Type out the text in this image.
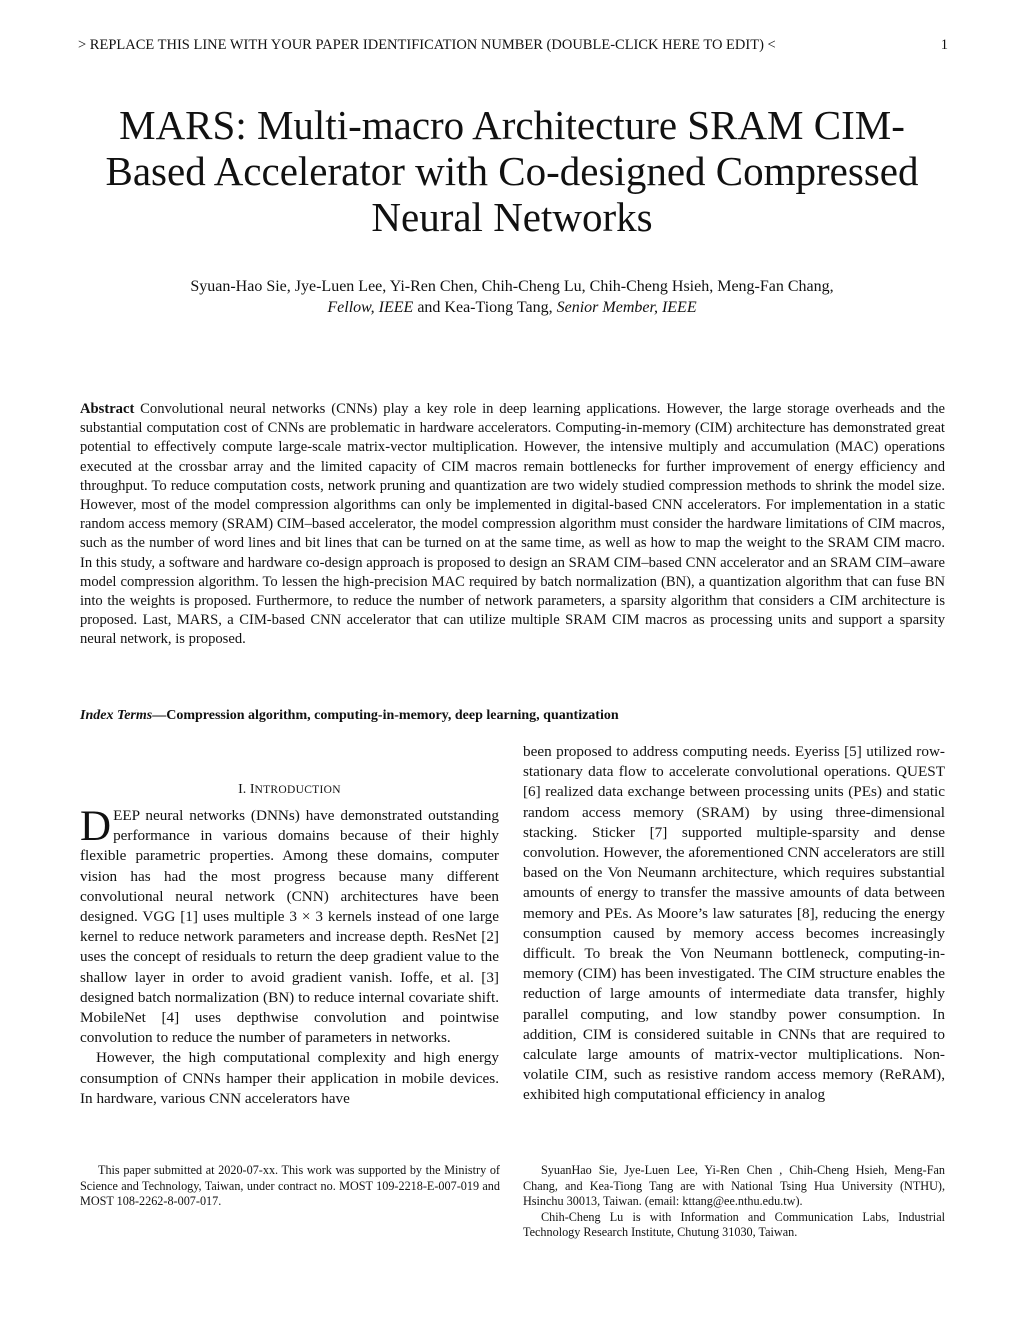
> REPLACE THIS LINE WITH YOUR PAPER IDENTIFICATION NUMBER (DOUBLE-CLICK HERE TO EDIT) <	1
MARS: Multi-macro Architecture SRAM CIM-Based Accelerator with Co-designed Compressed Neural Networks
Syuan-Hao Sie, Jye-Luen Lee, Yi-Ren Chen, Chih-Cheng Lu, Chih-Cheng Hsieh, Meng-Fan Chang,
Fellow, IEEE and Kea-Tiong Tang, Senior Member, IEEE
Abstract Convolutional neural networks (CNNs) play a key role in deep learning applications. However, the large storage overheads and the substantial computation cost of CNNs are problematic in hardware accelerators. Computing-in-memory (CIM) architecture has demonstrated great potential to effectively compute large-scale matrix-vector multiplication. However, the intensive multiply and accumulation (MAC) operations executed at the crossbar array and the limited capacity of CIM macros remain bottlenecks for further improvement of energy efficiency and throughput. To reduce computation costs, network pruning and quantization are two widely studied compression methods to shrink the model size. However, most of the model compression algorithms can only be implemented in digital-based CNN accelerators. For implementation in a static random access memory (SRAM) CIM–based accelerator, the model compression algorithm must consider the hardware limitations of CIM macros, such as the number of word lines and bit lines that can be turned on at the same time, as well as how to map the weight to the SRAM CIM macro. In this study, a software and hardware co-design approach is proposed to design an SRAM CIM–based CNN accelerator and an SRAM CIM–aware model compression algorithm. To lessen the high-precision MAC required by batch normalization (BN), a quantization algorithm that can fuse BN into the weights is proposed. Furthermore, to reduce the number of network parameters, a sparsity algorithm that considers a CIM architecture is proposed. Last, MARS, a CIM-based CNN accelerator that can utilize multiple SRAM CIM macros as processing units and support a sparsity neural network, is proposed.
Index Terms—Compression algorithm, computing-in-memory, deep learning, quantization
I. INTRODUCTION

DEEP neural networks (DNNs) have demonstrated outstanding performance in various domains because of their highly flexible parametric properties. Among these domains, computer vision has had the most progress because many different convolutional neural network (CNN) architectures have been designed. VGG [1] uses multiple 3 × 3 kernels instead of one large kernel to reduce network parameters and increase depth. ResNet [2] uses the concept of residuals to return the deep gradient value to the shallow layer in order to avoid gradient vanish. Ioffe, et al. [3] designed batch normalization (BN) to reduce internal covariate shift. MobileNet [4] uses depthwise convolution and pointwise convolution to reduce the number of parameters in networks.

However, the high computational complexity and high energy consumption of CNNs hamper their application in mobile devices. In hardware, various CNN accelerators have

been proposed to address computing needs. Eyeriss [5] utilized row-stationary data flow to accelerate convolutional operations. QUEST [6] realized data exchange between processing units (PEs) and static random access memory (SRAM) by using three-dimensional stacking. Sticker [7] supported multiple-sparsity and dense convolution. However, the aforementioned CNN accelerators are still based on the Von Neumann architecture, which requires substantial amounts of energy to transfer the massive amounts of data between memory and PEs. As Moore’s law saturates [8], reducing the energy consumption caused by memory access becomes increasingly difficult. To break the Von Neumann bottleneck, computing-in-memory (CIM) has been investigated. The CIM structure enables the reduction of large amounts of intermediate data transfer, highly parallel computing, and low standby power consumption. In addition, CIM is considered suitable in CNNs that are required to calculate large amounts of matrix-vector multiplications. Non-volatile CIM, such as resistive random access memory (ReRAM), exhibited high computational efficiency in analog

This paper submitted at 2020-07-xx. This work was supported by the Ministry of Science and Technology, Taiwan, under contract no. MOST 109-2218-E-007-019 and MOST 108-2262-8-007-017.

SyuanHao Sie, Jye-Luen Lee, Yi-Ren Chen , Chih-Cheng Hsieh, Meng-Fan Chang, and Kea-Tiong Tang are with National Tsing Hua University (NTHU), Hsinchu 30013, Taiwan. (email: kttang@ee.nthu.edu.tw).

Chih-Cheng Lu is with Information and Communication Labs, Industrial Technology Research Institute, Chutung 31030, Taiwan.
